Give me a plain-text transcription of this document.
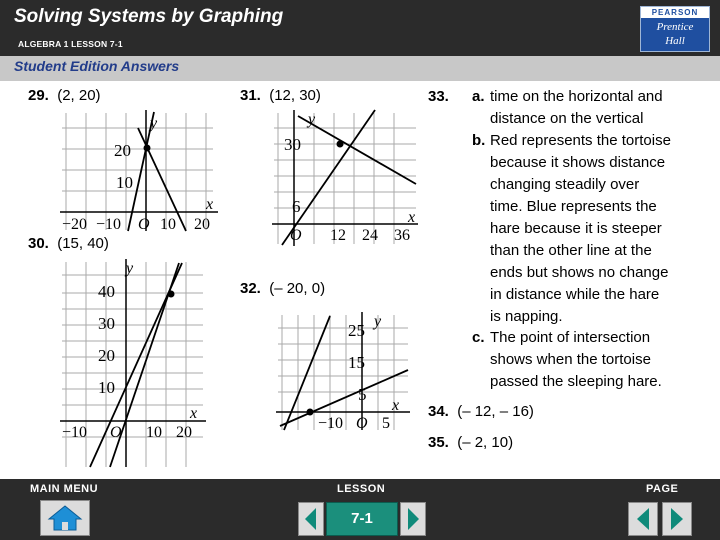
Solving Systems by Graphing
ALGEBRA 1 LESSON 7-1
PEARSON
Prentice
Hall
Student Edition Answers
29. (2, 20)
y
20
10
x
−20 −10 O 10 20
30. (15, 40)
y
40
30
20
10
x
−10 O 10 20
31. (12, 30)
y
30
6
x
O 12 24 36
32. (– 20, 0)
y
25
15
5
x
−10 O 5
33. a. time on the horizontal and
distance on the vertical
b. Red represents the tortoise
because it shows distance
changing steadily over
time. Blue represents the
hare because it is steeper
than the other line at the
ends but shows no change
in distance while the hare
is napping.
c. The point of intersection
shows when the tortoise
passed the sleeping hare.
34. (– 12, – 16)
35. (– 2, 10)
MAIN MENU	LESSON	PAGE
7-1
